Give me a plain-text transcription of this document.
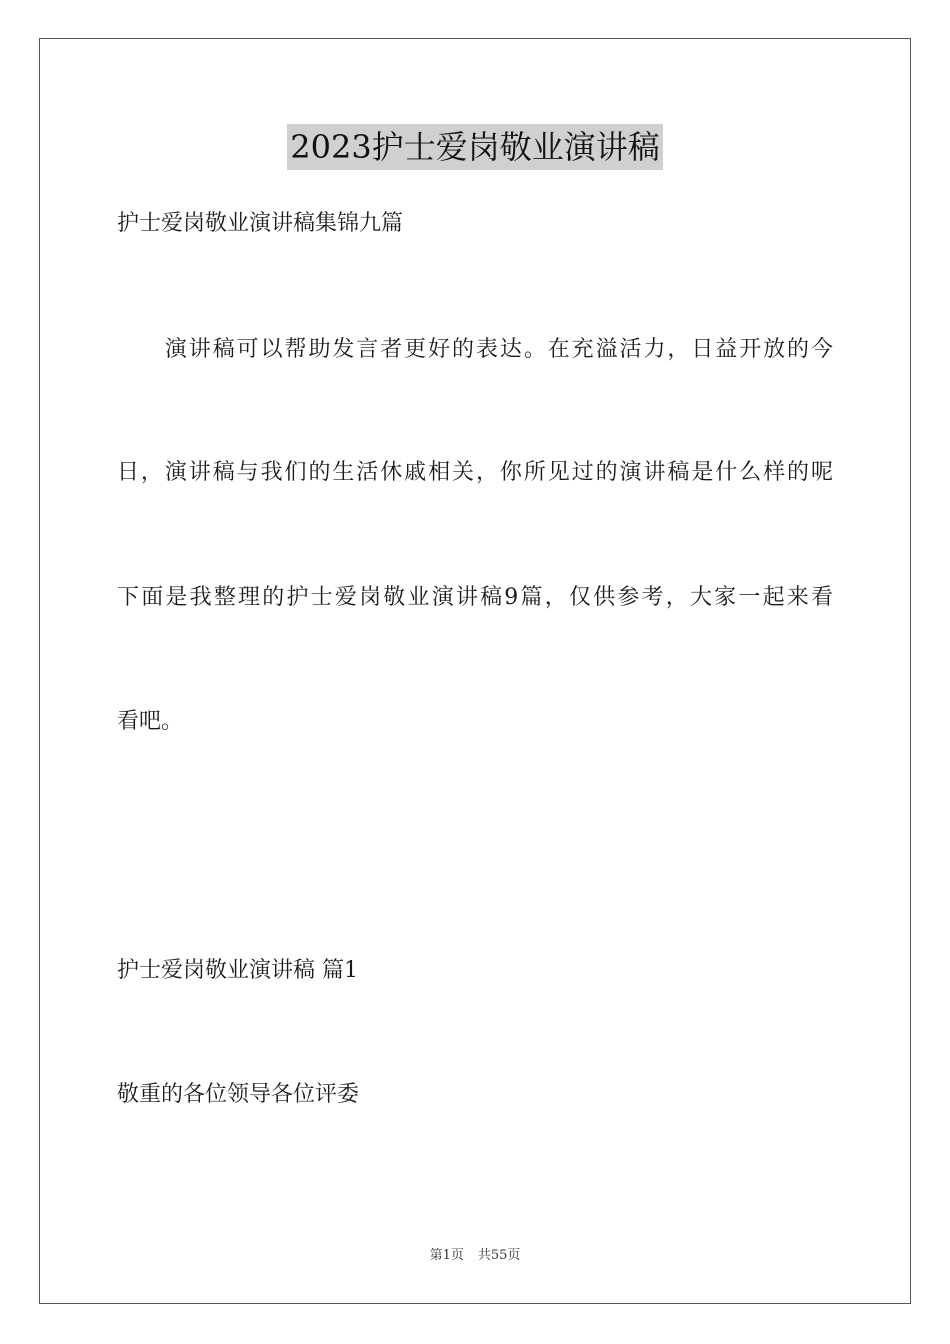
2023护士爱岗敬业演讲稿
护士爱岗敬业演讲稿集锦九篇
　　演讲稿可以帮助发言者更好的表达。在充溢活力，日益开放的今
日，演讲稿与我们的生活休戚相关，你所见过的演讲稿是什么样的呢
下面是我整理的护士爱岗敬业演讲稿9篇，仅供参考，大家一起来看
看吧。
护士爱岗敬业演讲稿 篇1
敬重的各位领导各位评委
第1页 共55页
